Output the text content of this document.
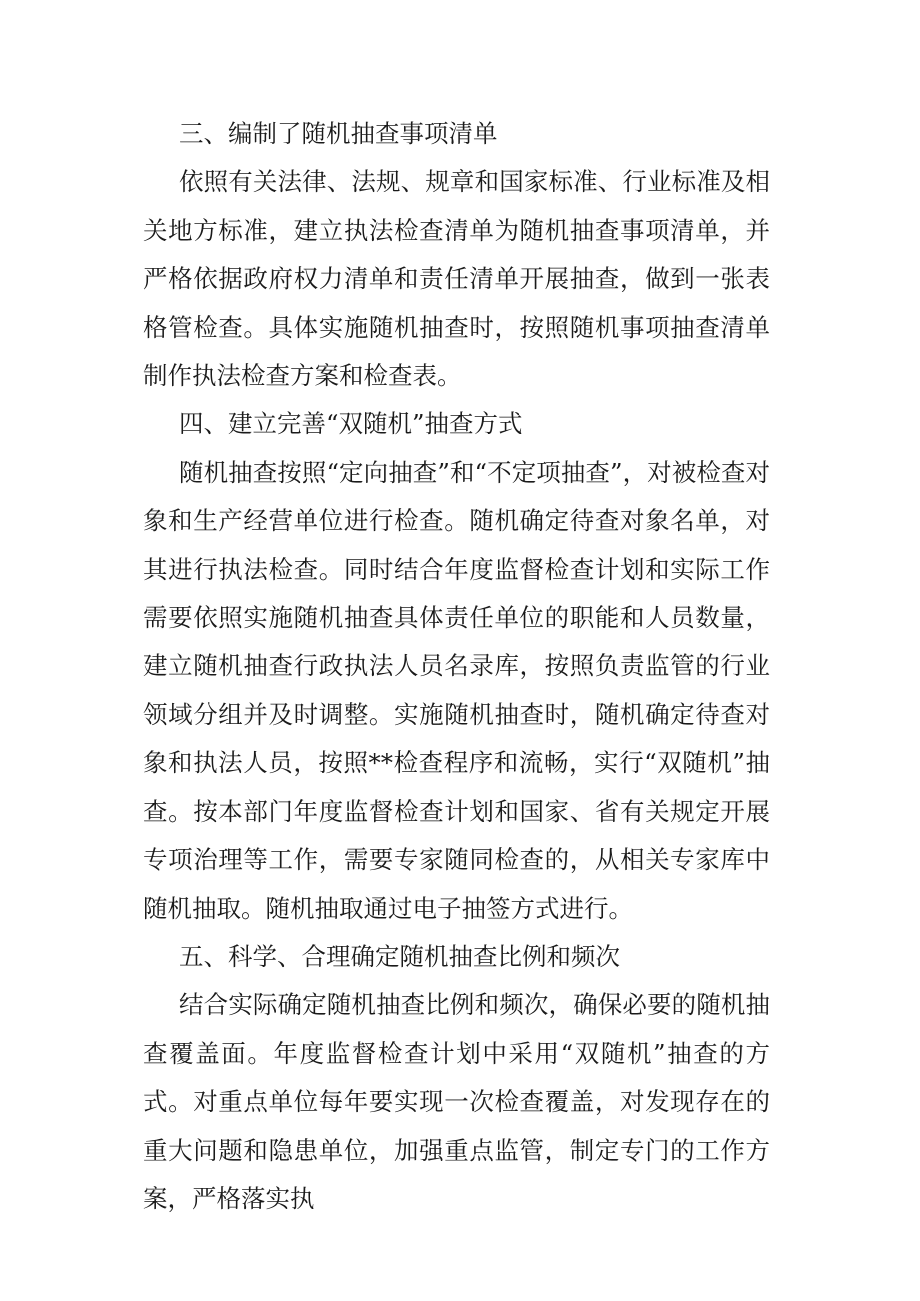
三、编制了随机抽查事项清单

依照有关法律、法规、规章和国家标准、行业标准及相关地方标准，建立执法检查清单为随机抽查事项清单，并严格依据政府权力清单和责任清单开展抽查，做到一张表格管检查。具体实施随机抽查时，按照随机事项抽查清单制作执法检查方案和检查表。

四、建立完善“双随机”抽查方式

随机抽查按照“定向抽查”和“不定项抽查”，对被检查对象和生产经营单位进行检查。随机确定待查对象名单，对其进行执法检查。同时结合年度监督检查计划和实际工作需要依照实施随机抽查具体责任单位的职能和人员数量，建立随机抽查行政执法人员名录库，按照负责监管的行业领域分组并及时调整。实施随机抽查时，随机确定待查对象和执法人员，按照**检查程序和流畅，实行“双随机”抽查。按本部门年度监督检查计划和国家、省有关规定开展专项治理等工作，需要专家随同检查的，从相关专家库中随机抽取。随机抽取通过电子抽签方式进行。

五、科学、合理确定随机抽查比例和频次

结合实际确定随机抽查比例和频次，确保必要的随机抽查覆盖面。年度监督检查计划中采用“双随机”抽查的方式。对重点单位每年要实现一次检查覆盖，对发现存在的重大问题和隐患单位，加强重点监管，制定专门的工作方案，严格落实执
